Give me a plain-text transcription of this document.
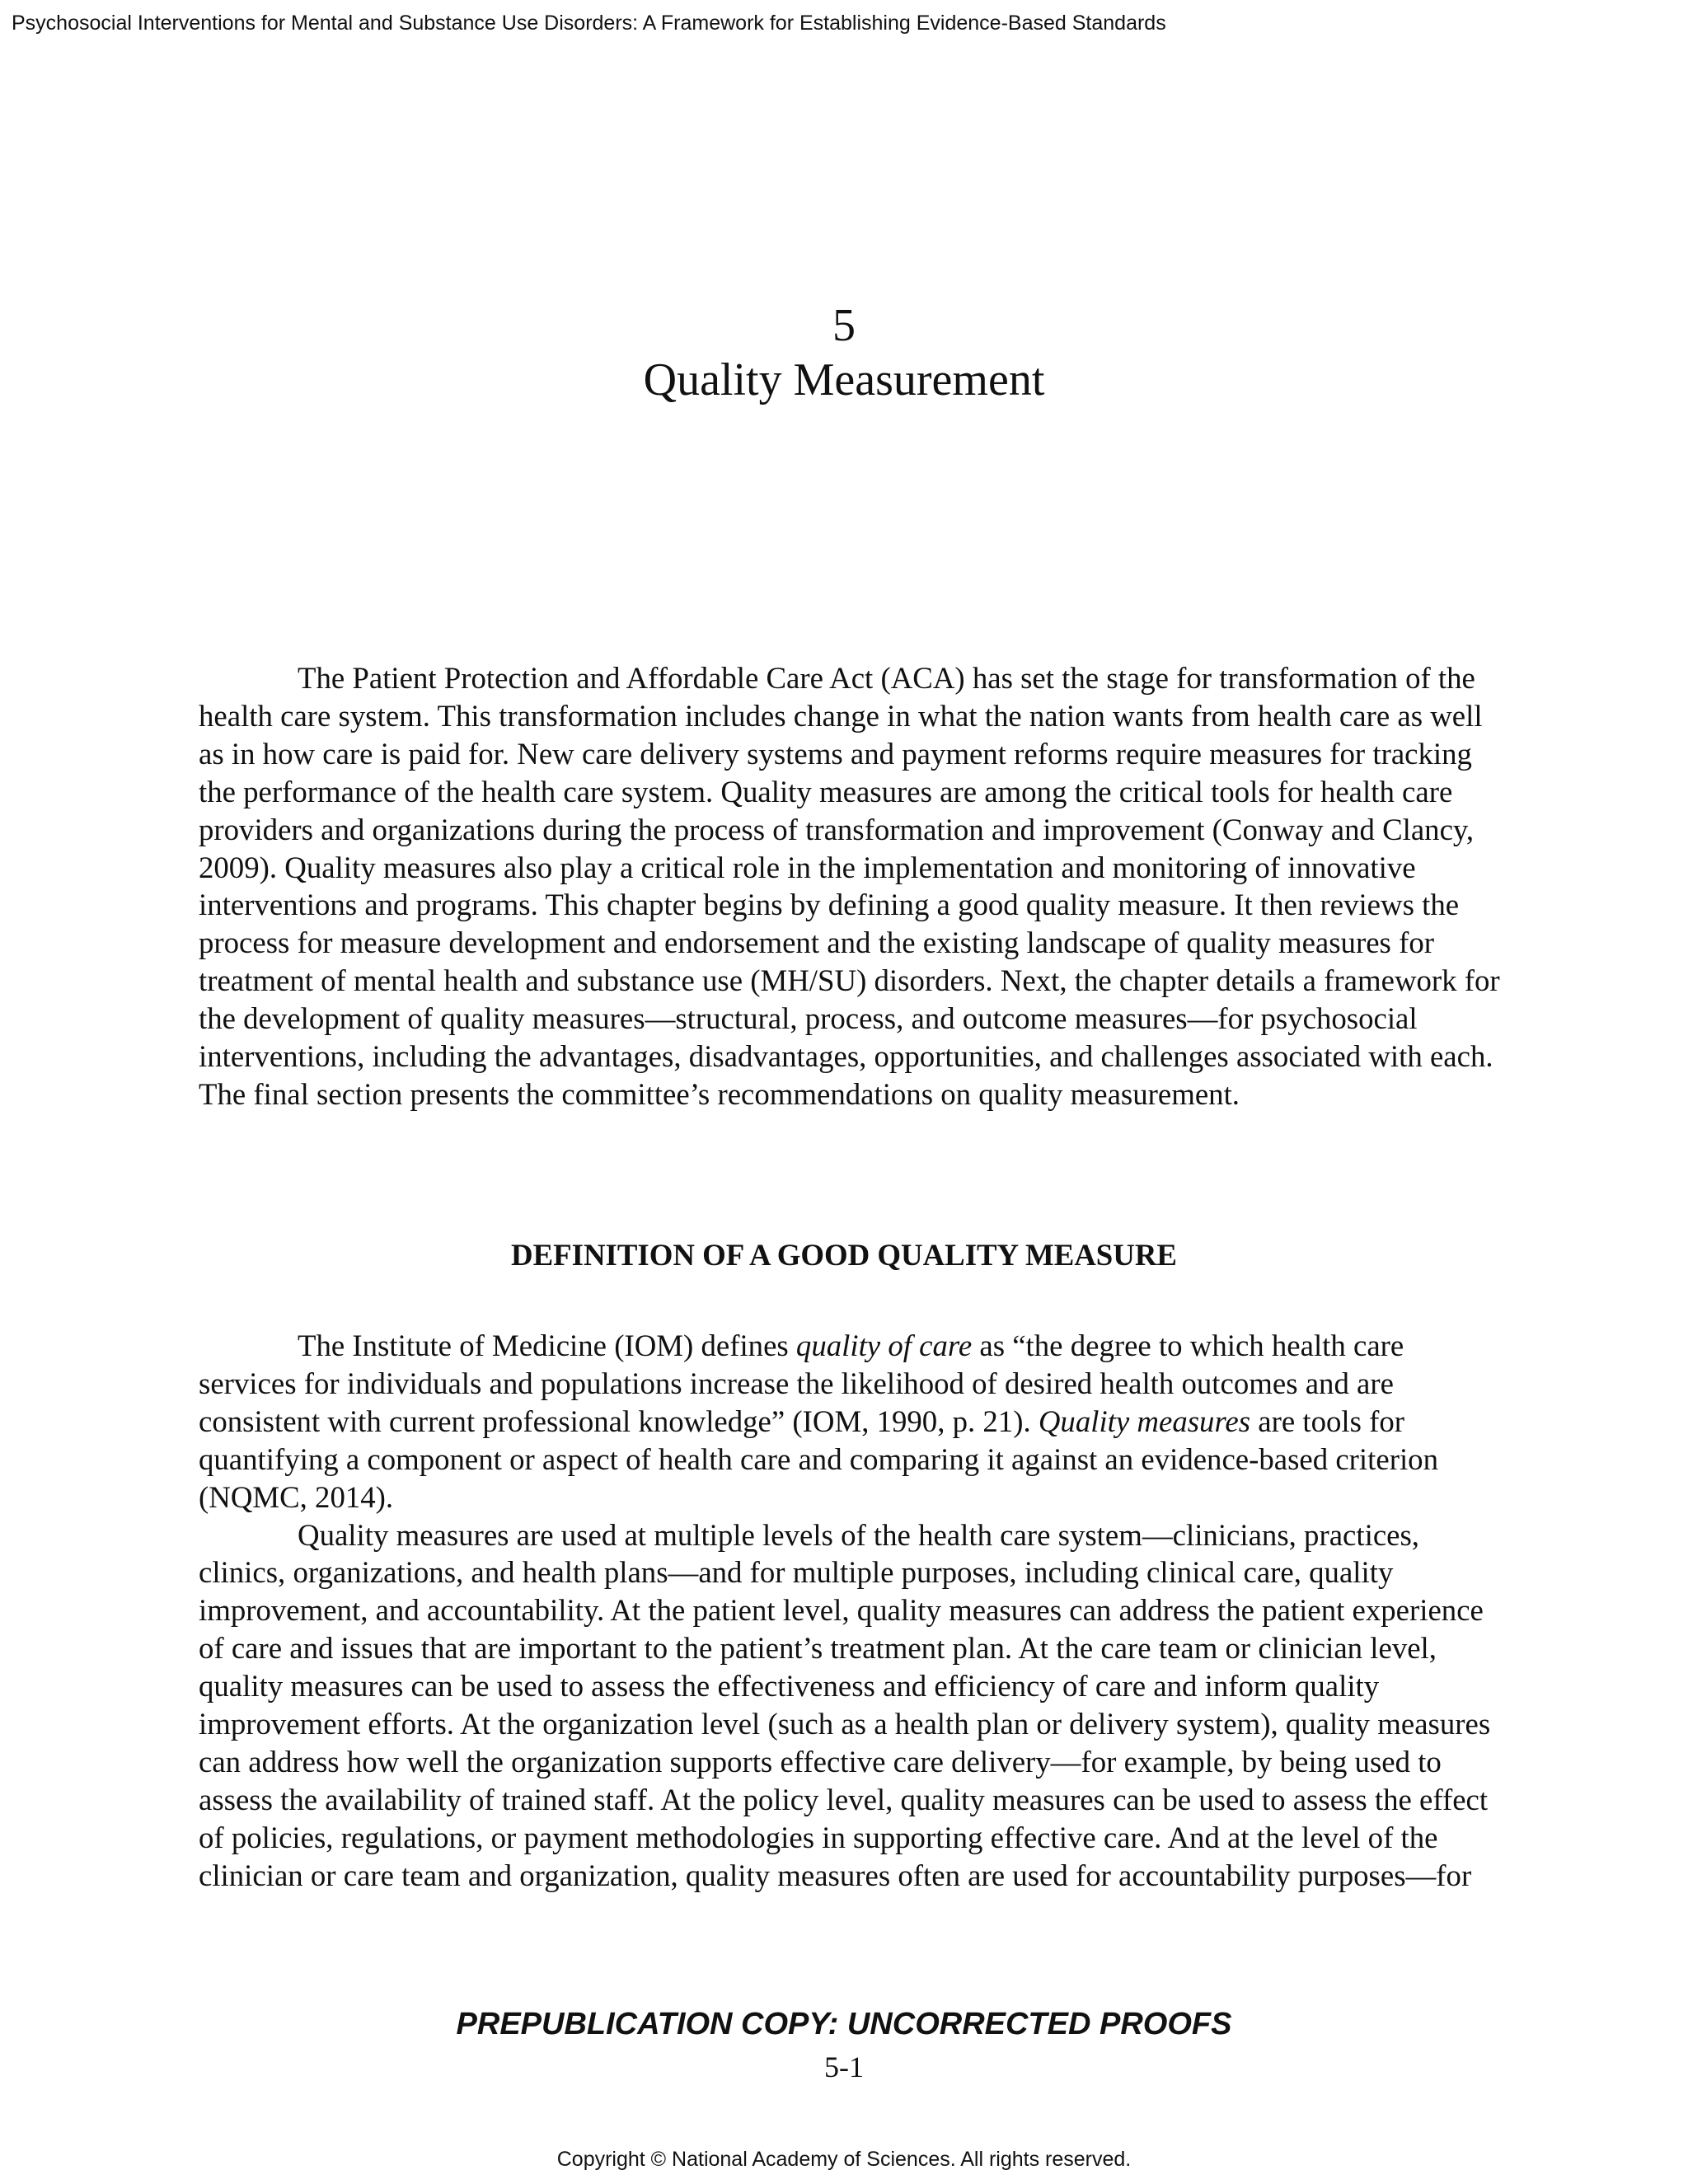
Psychosocial Interventions for Mental and Substance Use Disorders: A Framework for Establishing Evidence-Based Standards
5
Quality Measurement

The Patient Protection and Affordable Care Act (ACA) has set the stage for transformation of the health care system. This transformation includes change in what the nation wants from health care as well as in how care is paid for. New care delivery systems and payment reforms require measures for tracking the performance of the health care system. Quality measures are among the critical tools for health care providers and organizations during the process of transformation and improvement (Conway and Clancy, 2009). Quality measures also play a critical role in the implementation and monitoring of innovative interventions and programs. This chapter begins by defining a good quality measure. It then reviews the process for measure development and endorsement and the existing landscape of quality measures for treatment of mental health and substance use (MH/SU) disorders. Next, the chapter details a framework for the development of quality measures—structural, process, and outcome measures—for psychosocial interventions, including the advantages, disadvantages, opportunities, and challenges associated with each. The final section presents the committee’s recommendations on quality measurement.

DEFINITION OF A GOOD QUALITY MEASURE

The Institute of Medicine (IOM) defines quality of care as “the degree to which health care services for individuals and populations increase the likelihood of desired health outcomes and are consistent with current professional knowledge” (IOM, 1990, p. 21). Quality measures are tools for quantifying a component or aspect of health care and comparing it against an evidence-based criterion (NQMC, 2014).

Quality measures are used at multiple levels of the health care system—clinicians, practices, clinics, organizations, and health plans—and for multiple purposes, including clinical care, quality improvement, and accountability. At the patient level, quality measures can address the patient experience of care and issues that are important to the patient’s treatment plan. At the care team or clinician level, quality measures can be used to assess the effectiveness and efficiency of care and inform quality improvement efforts. At the organization level (such as a health plan or delivery system), quality measures can address how well the organization supports effective care delivery—for example, by being used to assess the availability of trained staff. At the policy level, quality measures can be used to assess the effect of policies, regulations, or payment methodologies in supporting effective care. And at the level of the clinician or care team and organization, quality measures often are used for accountability purposes—for

PREPUBLICATION COPY: UNCORRECTED PROOFS
5-1
Copyright © National Academy of Sciences. All rights reserved.
